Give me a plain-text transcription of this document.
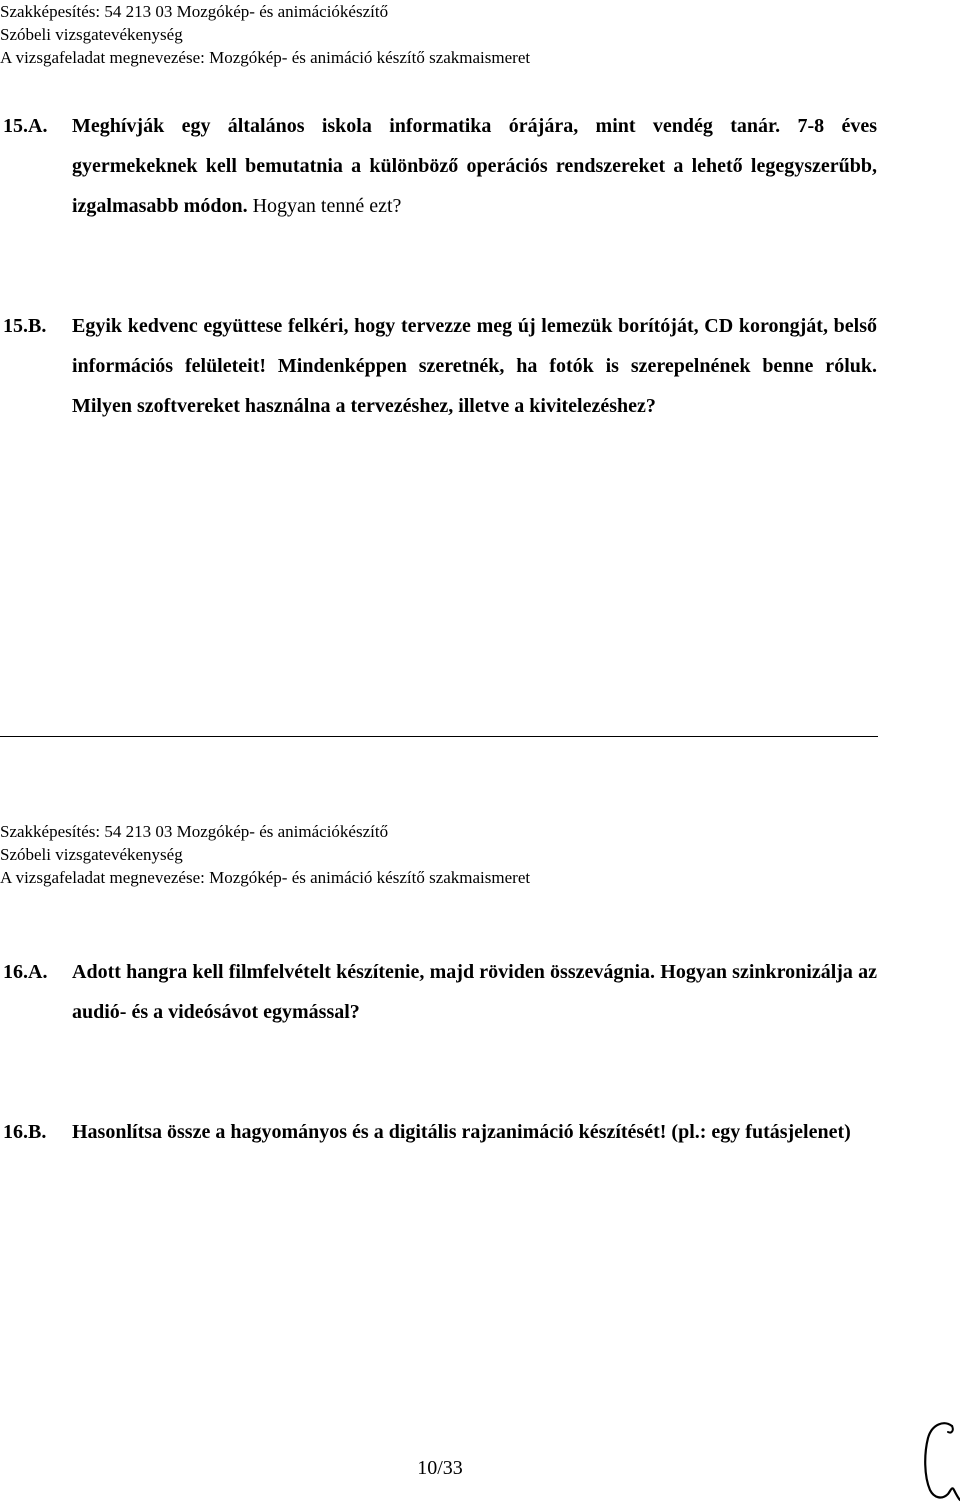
Szakképesítés: 54 213 03 Mozgókép- és animációkészítő
Szóbeli vizsgatevékenység
A vizsgafeladat megnevezése: Mozgókép- és animáció készítő szakmaismeret
15.A.	Meghívják egy általános iskola informatika órájára, mint vendég tanár. 7-8 éves gyermekeknek kell bemutatnia a különböző operációs rendszereket a lehető legegyszerűbb, izgalmasabb módon. Hogyan tenné ezt?
15.B.	Egyik kedvenc együttese felkéri, hogy tervezze meg új lemezük borítóját, CD korongját, belső információs felületeit! Mindenképpen szeretnék, ha fotók is szerepelnének benne róluk. Milyen szoftvereket használna a tervezéshez, illetve a kivitelezéshez?
Szakképesítés: 54 213 03 Mozgókép- és animációkészítő
Szóbeli vizsgatevékenység
A vizsgafeladat megnevezése: Mozgókép- és animáció készítő szakmaismeret
16.A.	Adott hangra kell filmfelvételt készítenie, majd röviden összevágnia. Hogyan szinkronizálja az audió- és a videósávot egymással?
16.B.	Hasonlítsa össze a hagyományos és a digitális rajzanimáció készítését! (pl.: egy futásjelenet)
10/33
